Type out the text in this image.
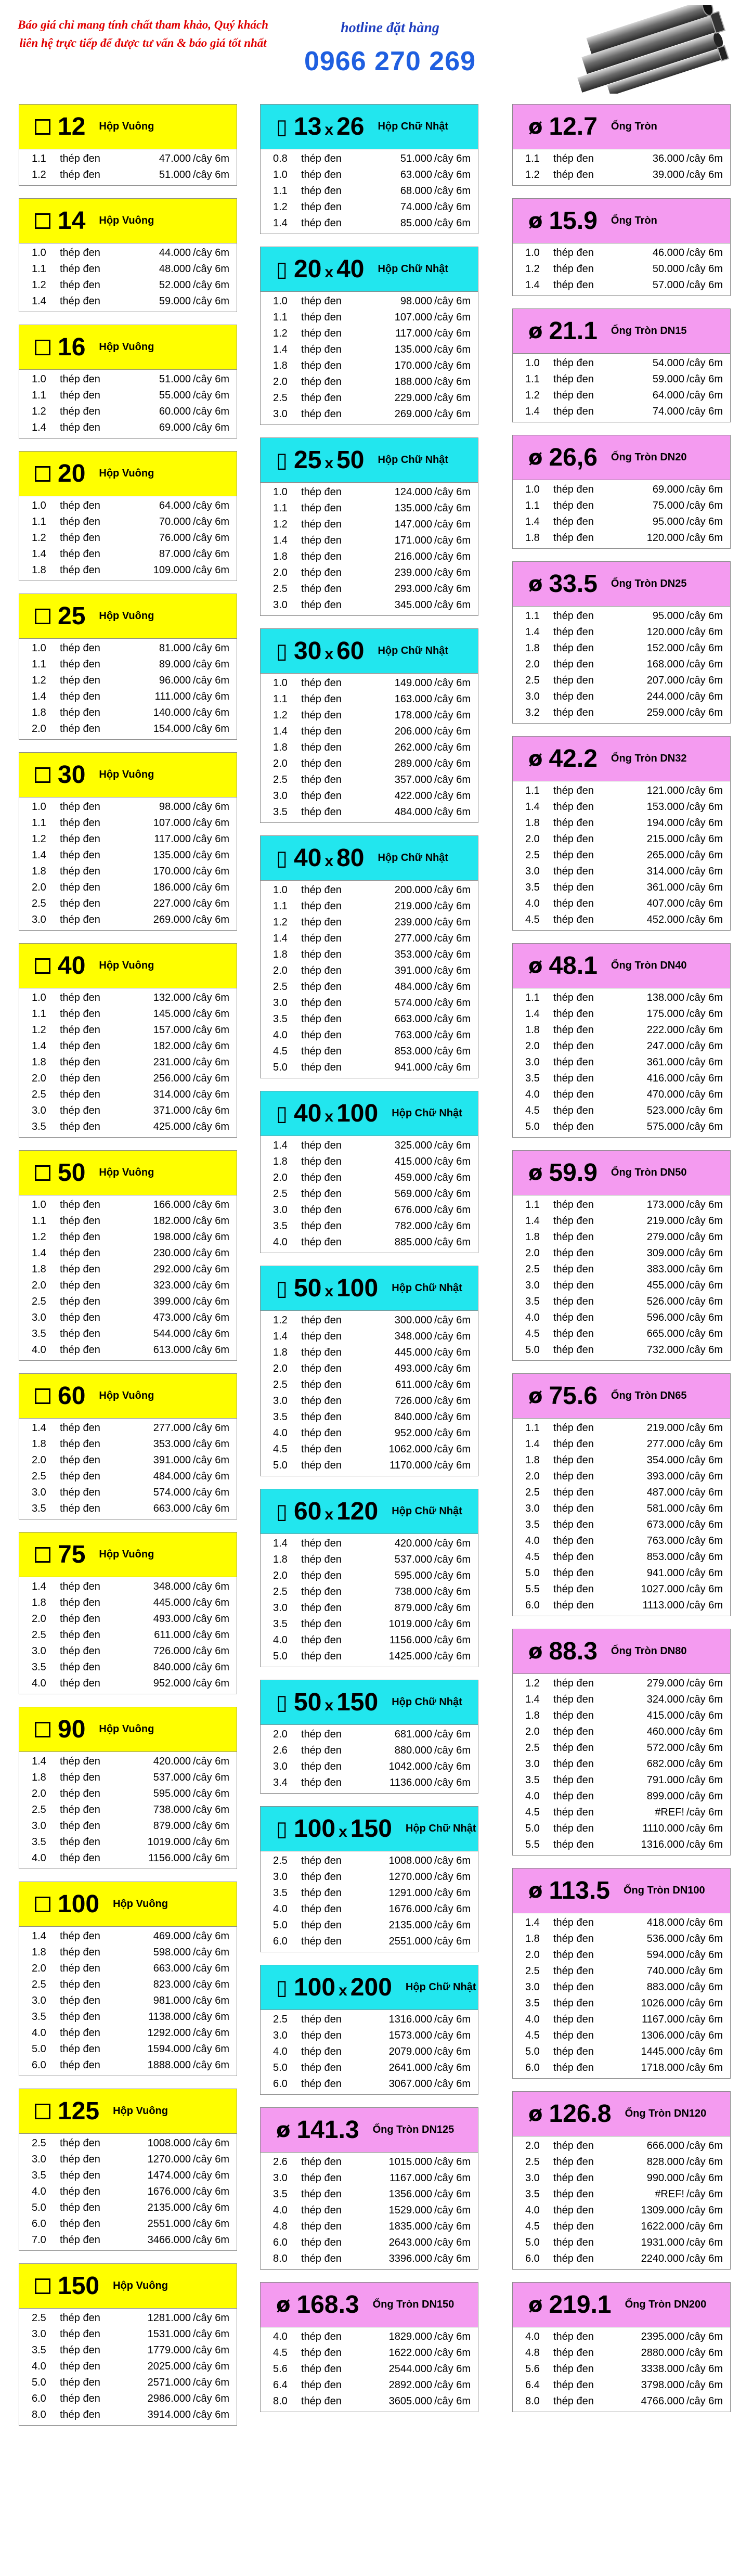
Báo giá chỉ mang tính chất tham khảo, Quý khách liên hệ trực tiếp để được tư vấn & báo giá tốt nhất
hotline đặt hàng
0966 270 269
12 Hộp Vuông
1.1	thép đen	47.000 /cây 6m
1.2	thép đen	51.000 /cây 6m
14 Hộp Vuông
1.0	thép đen	44.000 /cây 6m
1.1	thép đen	48.000 /cây 6m
1.2	thép đen	52.000 /cây 6m
1.4	thép đen	59.000 /cây 6m
16 Hộp Vuông
1.0	thép đen	51.000 /cây 6m
1.1	thép đen	55.000 /cây 6m
1.2	thép đen	60.000 /cây 6m
1.4	thép đen	69.000 /cây 6m
20 Hộp Vuông
1.0	thép đen	64.000 /cây 6m
1.1	thép đen	70.000 /cây 6m
1.2	thép đen	76.000 /cây 6m
1.4	thép đen	87.000 /cây 6m
1.8	thép đen	109.000 /cây 6m
25 Hộp Vuông
1.0	thép đen	81.000 /cây 6m
1.1	thép đen	89.000 /cây 6m
1.2	thép đen	96.000 /cây 6m
1.4	thép đen	111.000 /cây 6m
1.8	thép đen	140.000 /cây 6m
2.0	thép đen	154.000 /cây 6m
30 Hộp Vuông
1.0	thép đen	98.000 /cây 6m
1.1	thép đen	107.000 /cây 6m
1.2	thép đen	117.000 /cây 6m
1.4	thép đen	135.000 /cây 6m
1.8	thép đen	170.000 /cây 6m
2.0	thép đen	186.000 /cây 6m
2.5	thép đen	227.000 /cây 6m
3.0	thép đen	269.000 /cây 6m
40 Hộp Vuông
1.0	thép đen	132.000 /cây 6m
1.1	thép đen	145.000 /cây 6m
1.2	thép đen	157.000 /cây 6m
1.4	thép đen	182.000 /cây 6m
1.8	thép đen	231.000 /cây 6m
2.0	thép đen	256.000 /cây 6m
2.5	thép đen	314.000 /cây 6m
3.0	thép đen	371.000 /cây 6m
3.5	thép đen	425.000 /cây 6m
50 Hộp Vuông
1.0	thép đen	166.000 /cây 6m
1.1	thép đen	182.000 /cây 6m
1.2	thép đen	198.000 /cây 6m
1.4	thép đen	230.000 /cây 6m
1.8	thép đen	292.000 /cây 6m
2.0	thép đen	323.000 /cây 6m
2.5	thép đen	399.000 /cây 6m
3.0	thép đen	473.000 /cây 6m
3.5	thép đen	544.000 /cây 6m
4.0	thép đen	613.000 /cây 6m
60 Hộp Vuông
1.4	thép đen	277.000 /cây 6m
1.8	thép đen	353.000 /cây 6m
2.0	thép đen	391.000 /cây 6m
2.5	thép đen	484.000 /cây 6m
3.0	thép đen	574.000 /cây 6m
3.5	thép đen	663.000 /cây 6m
75 Hộp Vuông
1.4	thép đen	348.000 /cây 6m
1.8	thép đen	445.000 /cây 6m
2.0	thép đen	493.000 /cây 6m
2.5	thép đen	611.000 /cây 6m
3.0	thép đen	726.000 /cây 6m
3.5	thép đen	840.000 /cây 6m
4.0	thép đen	952.000 /cây 6m
90 Hộp Vuông
1.4	thép đen	420.000 /cây 6m
1.8	thép đen	537.000 /cây 6m
2.0	thép đen	595.000 /cây 6m
2.5	thép đen	738.000 /cây 6m
3.0	thép đen	879.000 /cây 6m
3.5	thép đen	1019.000 /cây 6m
4.0	thép đen	1156.000 /cây 6m
100 Hộp Vuông
1.4	thép đen	469.000 /cây 6m
1.8	thép đen	598.000 /cây 6m
2.0	thép đen	663.000 /cây 6m
2.5	thép đen	823.000 /cây 6m
3.0	thép đen	981.000 /cây 6m
3.5	thép đen	1138.000 /cây 6m
4.0	thép đen	1292.000 /cây 6m
5.0	thép đen	1594.000 /cây 6m
6.0	thép đen	1888.000 /cây 6m
125 Hộp Vuông
2.5	thép đen	1008.000 /cây 6m
3.0	thép đen	1270.000 /cây 6m
3.5	thép đen	1474.000 /cây 6m
4.0	thép đen	1676.000 /cây 6m
5.0	thép đen	2135.000 /cây 6m
6.0	thép đen	2551.000 /cây 6m
7.0	thép đen	3466.000 /cây 6m
150 Hộp Vuông
2.5	thép đen	1281.000 /cây 6m
3.0	thép đen	1531.000 /cây 6m
3.5	thép đen	1779.000 /cây 6m
4.0	thép đen	2025.000 /cây 6m
5.0	thép đen	2571.000 /cây 6m
6.0	thép đen	2986.000 /cây 6m
8.0	thép đen	3914.000 /cây 6m
▯ 13 x 26 Hộp Chữ Nhật
0.8	thép đen	51.000 /cây 6m
1.0	thép đen	63.000 /cây 6m
1.1	thép đen	68.000 /cây 6m
1.2	thép đen	74.000 /cây 6m
1.4	thép đen	85.000 /cây 6m
▯ 20 x 40 Hộp Chữ Nhật
1.0	thép đen	98.000 /cây 6m
1.1	thép đen	107.000 /cây 6m
1.2	thép đen	117.000 /cây 6m
1.4	thép đen	135.000 /cây 6m
1.8	thép đen	170.000 /cây 6m
2.0	thép đen	188.000 /cây 6m
2.5	thép đen	229.000 /cây 6m
3.0	thép đen	269.000 /cây 6m
▯ 25 x 50 Hộp Chữ Nhật
1.0	thép đen	124.000 /cây 6m
1.1	thép đen	135.000 /cây 6m
1.2	thép đen	147.000 /cây 6m
1.4	thép đen	171.000 /cây 6m
1.8	thép đen	216.000 /cây 6m
2.0	thép đen	239.000 /cây 6m
2.5	thép đen	293.000 /cây 6m
3.0	thép đen	345.000 /cây 6m
▯ 30 x 60 Hộp Chữ Nhật
1.0	thép đen	149.000 /cây 6m
1.1	thép đen	163.000 /cây 6m
1.2	thép đen	178.000 /cây 6m
1.4	thép đen	206.000 /cây 6m
1.8	thép đen	262.000 /cây 6m
2.0	thép đen	289.000 /cây 6m
2.5	thép đen	357.000 /cây 6m
3.0	thép đen	422.000 /cây 6m
3.5	thép đen	484.000 /cây 6m
▯ 40 x 80 Hộp Chữ Nhật
1.0	thép đen	200.000 /cây 6m
1.1	thép đen	219.000 /cây 6m
1.2	thép đen	239.000 /cây 6m
1.4	thép đen	277.000 /cây 6m
1.8	thép đen	353.000 /cây 6m
2.0	thép đen	391.000 /cây 6m
2.5	thép đen	484.000 /cây 6m
3.0	thép đen	574.000 /cây 6m
3.5	thép đen	663.000 /cây 6m
4.0	thép đen	763.000 /cây 6m
4.5	thép đen	853.000 /cây 6m
5.0	thép đen	941.000 /cây 6m
▯ 40 x 100 Hộp Chữ Nhật
1.4	thép đen	325.000 /cây 6m
1.8	thép đen	415.000 /cây 6m
2.0	thép đen	459.000 /cây 6m
2.5	thép đen	569.000 /cây 6m
3.0	thép đen	676.000 /cây 6m
3.5	thép đen	782.000 /cây 6m
4.0	thép đen	885.000 /cây 6m
▯ 50 x 100 Hộp Chữ Nhật
1.2	thép đen	300.000 /cây 6m
1.4	thép đen	348.000 /cây 6m
1.8	thép đen	445.000 /cây 6m
2.0	thép đen	493.000 /cây 6m
2.5	thép đen	611.000 /cây 6m
3.0	thép đen	726.000 /cây 6m
3.5	thép đen	840.000 /cây 6m
4.0	thép đen	952.000 /cây 6m
4.5	thép đen	1062.000 /cây 6m
5.0	thép đen	1170.000 /cây 6m
▯ 60 x 120 Hộp Chữ Nhật
1.4	thép đen	420.000 /cây 6m
1.8	thép đen	537.000 /cây 6m
2.0	thép đen	595.000 /cây 6m
2.5	thép đen	738.000 /cây 6m
3.0	thép đen	879.000 /cây 6m
3.5	thép đen	1019.000 /cây 6m
4.0	thép đen	1156.000 /cây 6m
5.0	thép đen	1425.000 /cây 6m
▯ 50 x 150 Hộp Chữ Nhật
2.0	thép đen	681.000 /cây 6m
2.6	thép đen	880.000 /cây 6m
3.0	thép đen	1042.000 /cây 6m
3.4	thép đen	1136.000 /cây 6m
▯ 100 x 150 Hộp Chữ Nhật
2.5	thép đen	1008.000 /cây 6m
3.0	thép đen	1270.000 /cây 6m
3.5	thép đen	1291.000 /cây 6m
4.0	thép đen	1676.000 /cây 6m
5.0	thép đen	2135.000 /cây 6m
6.0	thép đen	2551.000 /cây 6m
▯ 100 x 200 Hộp Chữ Nhật
2.5	thép đen	1316.000 /cây 6m
3.0	thép đen	1573.000 /cây 6m
4.0	thép đen	2079.000 /cây 6m
5.0	thép đen	2641.000 /cây 6m
6.0	thép đen	3067.000 /cây 6m
ø 141.3 Ống Tròn DN125
2.6	thép đen	1015.000 /cây 6m
3.0	thép đen	1167.000 /cây 6m
3.5	thép đen	1356.000 /cây 6m
4.0	thép đen	1529.000 /cây 6m
4.8	thép đen	1835.000 /cây 6m
6.0	thép đen	2643.000 /cây 6m
8.0	thép đen	3396.000 /cây 6m
ø 168.3 Ống Tròn DN150
4.0	thép đen	1829.000 /cây 6m
4.5	thép đen	1622.000 /cây 6m
5.6	thép đen	2544.000 /cây 6m
6.4	thép đen	2892.000 /cây 6m
8.0	thép đen	3605.000 /cây 6m
ø 12.7 Ống Tròn
1.1	thép đen	36.000 /cây 6m
1.2	thép đen	39.000 /cây 6m
ø 15.9 Ống Tròn
1.0	thép đen	46.000 /cây 6m
1.2	thép đen	50.000 /cây 6m
1.4	thép đen	57.000 /cây 6m
ø 21.1 Ống Tròn DN15
1.0	thép đen	54.000 /cây 6m
1.1	thép đen	59.000 /cây 6m
1.2	thép đen	64.000 /cây 6m
1.4	thép đen	74.000 /cây 6m
ø 26,6 Ống Tròn DN20
1.0	thép đen	69.000 /cây 6m
1.1	thép đen	75.000 /cây 6m
1.4	thép đen	95.000 /cây 6m
1.8	thép đen	120.000 /cây 6m
ø 33.5 Ống Tròn DN25
1.1	thép đen	95.000 /cây 6m
1.4	thép đen	120.000 /cây 6m
1.8	thép đen	152.000 /cây 6m
2.0	thép đen	168.000 /cây 6m
2.5	thép đen	207.000 /cây 6m
3.0	thép đen	244.000 /cây 6m
3.2	thép đen	259.000 /cây 6m
ø 42.2 Ống Tròn DN32
1.1	thép đen	121.000 /cây 6m
1.4	thép đen	153.000 /cây 6m
1.8	thép đen	194.000 /cây 6m
2.0	thép đen	215.000 /cây 6m
2.5	thép đen	265.000 /cây 6m
3.0	thép đen	314.000 /cây 6m
3.5	thép đen	361.000 /cây 6m
4.0	thép đen	407.000 /cây 6m
4.5	thép đen	452.000 /cây 6m
ø 48.1 Ống Tròn DN40
1.1	thép đen	138.000 /cây 6m
1.4	thép đen	175.000 /cây 6m
1.8	thép đen	222.000 /cây 6m
2.0	thép đen	247.000 /cây 6m
3.0	thép đen	361.000 /cây 6m
3.5	thép đen	416.000 /cây 6m
4.0	thép đen	470.000 /cây 6m
4.5	thép đen	523.000 /cây 6m
5.0	thép đen	575.000 /cây 6m
ø 59.9 Ống Tròn DN50
1.1	thép đen	173.000 /cây 6m
1.4	thép đen	219.000 /cây 6m
1.8	thép đen	279.000 /cây 6m
2.0	thép đen	309.000 /cây 6m
2.5	thép đen	383.000 /cây 6m
3.0	thép đen	455.000 /cây 6m
3.5	thép đen	526.000 /cây 6m
4.0	thép đen	596.000 /cây 6m
4.5	thép đen	665.000 /cây 6m
5.0	thép đen	732.000 /cây 6m
ø 75.6 Ống Tròn DN65
1.1	thép đen	219.000 /cây 6m
1.4	thép đen	277.000 /cây 6m
1.8	thép đen	354.000 /cây 6m
2.0	thép đen	393.000 /cây 6m
2.5	thép đen	487.000 /cây 6m
3.0	thép đen	581.000 /cây 6m
3.5	thép đen	673.000 /cây 6m
4.0	thép đen	763.000 /cây 6m
4.5	thép đen	853.000 /cây 6m
5.0	thép đen	941.000 /cây 6m
5.5	thép đen	1027.000 /cây 6m
6.0	thép đen	1113.000 /cây 6m
ø 88.3 Ống Tròn DN80
1.2	thép đen	279.000 /cây 6m
1.4	thép đen	324.000 /cây 6m
1.8	thép đen	415.000 /cây 6m
2.0	thép đen	460.000 /cây 6m
2.5	thép đen	572.000 /cây 6m
3.0	thép đen	682.000 /cây 6m
3.5	thép đen	791.000 /cây 6m
4.0	thép đen	899.000 /cây 6m
4.5	thép đen	#REF! /cây 6m
5.0	thép đen	1110.000 /cây 6m
5.5	thép đen	1316.000 /cây 6m
ø 113.5 Ống Tròn DN100
1.4	thép đen	418.000 /cây 6m
1.8	thép đen	536.000 /cây 6m
2.0	thép đen	594.000 /cây 6m
2.5	thép đen	740.000 /cây 6m
3.0	thép đen	883.000 /cây 6m
3.5	thép đen	1026.000 /cây 6m
4.0	thép đen	1167.000 /cây 6m
4.5	thép đen	1306.000 /cây 6m
5.0	thép đen	1445.000 /cây 6m
6.0	thép đen	1718.000 /cây 6m
ø 126.8 Ống Tròn DN120
2.0	thép đen	666.000 /cây 6m
2.5	thép đen	828.000 /cây 6m
3.0	thép đen	990.000 /cây 6m
3.5	thép đen	#REF! /cây 6m
4.0	thép đen	1309.000 /cây 6m
4.5	thép đen	1622.000 /cây 6m
5.0	thép đen	1931.000 /cây 6m
6.0	thép đen	2240.000 /cây 6m
ø 219.1 Ống Tròn DN200
4.0	thép đen	2395.000 /cây 6m
4.8	thép đen	2880.000 /cây 6m
5.6	thép đen	3338.000 /cây 6m
6.4	thép đen	3798.000 /cây 6m
8.0	thép đen	4766.000 /cây 6m
